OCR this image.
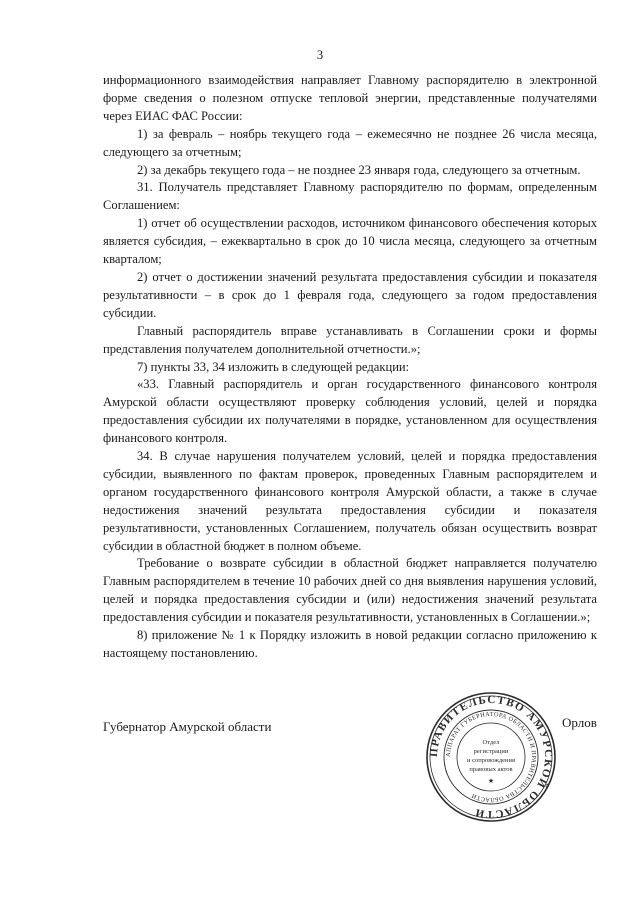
3

информационного взаимодействия направляет Главному распорядителю в электронной форме сведения о полезном отпуске тепловой энергии, представленные получателями через ЕИАС ФАС России:

1) за февраль – ноябрь текущего года – ежемесячно не позднее 26 числа месяца, следующего за отчетным;

2) за декабрь текущего года – не позднее 23 января года, следующего за отчетным.

31. Получатель представляет Главному распорядителю по формам, определенным Соглашением:

1) отчет об осуществлении расходов, источником финансового обеспечения которых является субсидия, – ежеквартально в срок до 10 числа месяца, следующего за отчетным кварталом;

2) отчет о достижении значений результата предоставления субсидии и показателя результативности – в срок до 1 февраля года, следующего за годом предоставления субсидии.

Главный распорядитель вправе устанавливать в Соглашении сроки и формы представления получателем дополнительной отчетности.»;

7) пункты 33, 34 изложить в следующей редакции:

«33. Главный распорядитель и орган государственного финансового контроля Амурской области осуществляют проверку соблюдения условий, целей и порядка предоставления субсидии их получателями в порядке, установленном для осуществления финансового контроля.

34. В случае нарушения получателем условий, целей и порядка предоставления субсидии, выявленного по фактам проверок, проведенных Главным распорядителем и органом государственного финансового контроля Амурской области, а также в случае недостижения значений результата предоставления субсидии и показателя результативности, установленных Соглашением, получатель обязан осуществить возврат субсидии в областной бюджет в полном объеме.

Требование о возврате субсидии в областной бюджет направляется получателю Главным распорядителем в течение 10 рабочих дней со дня выявления нарушения условий, целей и порядка предоставления субсидии и (или) недостижения значений результата предоставления субсидии и показателя результативности, установленных в Соглашении.»;

8) приложение № 1 к Порядку изложить в новой редакции согласно приложению к настоящему постановлению.

Губернатор Амурской области
ПРАВИТЕЛЬСТВО АМУРСКОЙ ОБЛАСТИ
АППАРАТ ГУБЕРНАТОРА ОБЛАСТИ И ПРАВИТЕЛЬСТВА ОБЛАСТИ
Отдел
регистрации
и сопровождения
правовых актов
★
Орлов
